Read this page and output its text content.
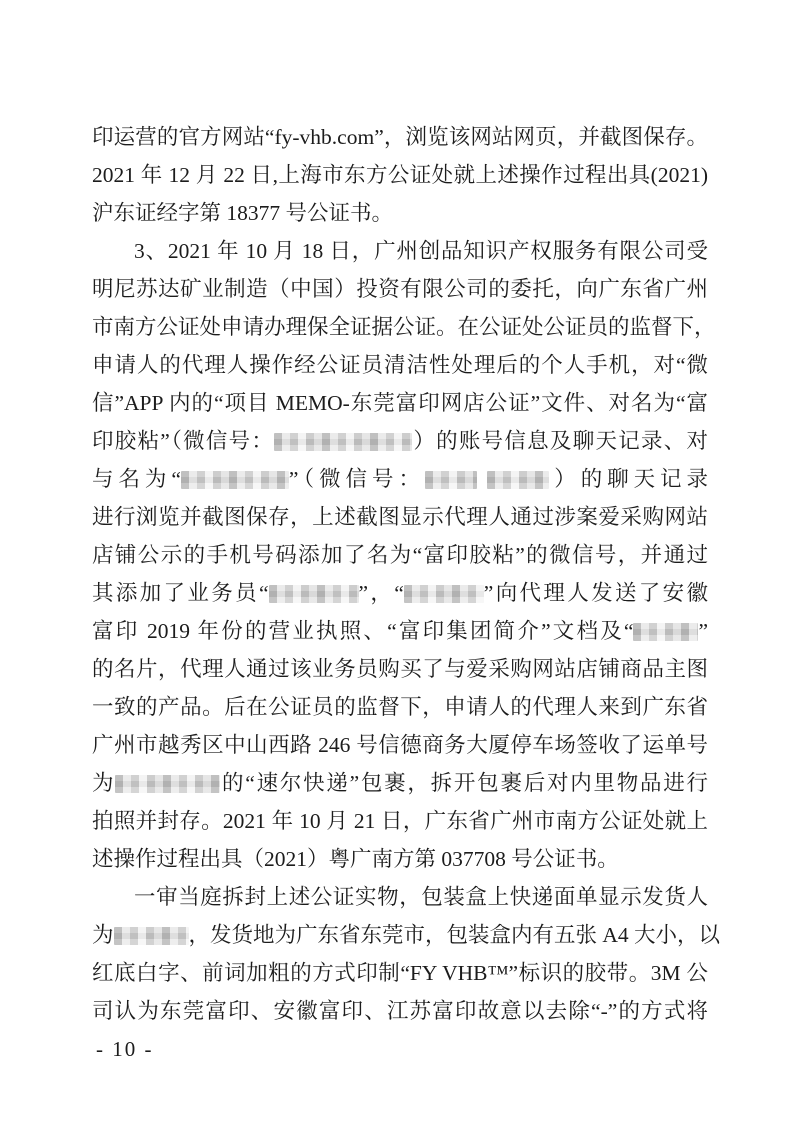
印运营的官方网站“fy-vhb.com”，浏览该网站网页，并截图保存。
2021 年 12 月 22 日,上海市东方公证处就上述操作过程出具(2021)
沪东证经字第 18377 号公证书。
3、2021 年 10 月 18 日，广州创品知识产权服务有限公司受
明尼苏达矿业制造（中国）投资有限公司的委托，向广东省广州
市南方公证处申请办理保全证据公证。在公证处公证员的监督下，
申请人的代理人操作经公证员清洁性处理后的个人手机，对“微
信”APP 内的“项目 MEMO-东莞富印网店公证”文件、对名为“富
印胶粘”（微信号：	）的账号信息及聊天记录、对
与名为“	”（微信号：	）的聊天记录
进行浏览并截图保存，上述截图显示代理人通过涉案爱采购网站
店铺公示的手机号码添加了名为“富印胶粘”的微信号，并通过
其添加了业务员“	”，“	”向代理人发送了安徽
富印 2019 年份的营业执照、“富印集团简介”文档及“	”
的名片，代理人通过该业务员购买了与爱采购网站店铺商品主图
一致的产品。后在公证员的监督下，申请人的代理人来到广东省
广州市越秀区中山西路 246 号信德商务大厦停车场签收了运单号
为	的“速尔快递”包裹，拆开包裹后对内里物品进行
拍照并封存。2021 年 10 月 21 日，广东省广州市南方公证处就上
述操作过程出具（2021）粤广南方第 037708 号公证书。
一审当庭拆封上述公证实物，包装盒上快递面单显示发货人
为	，发货地为广东省东莞市，包装盒内有五张 A4 大小，以
红底白字、前词加粗的方式印制“FY VHB™”标识的胶带。3M 公
司认为东莞富印、安徽富印、江苏富印故意以去除“-”的方式将
- 10 -
